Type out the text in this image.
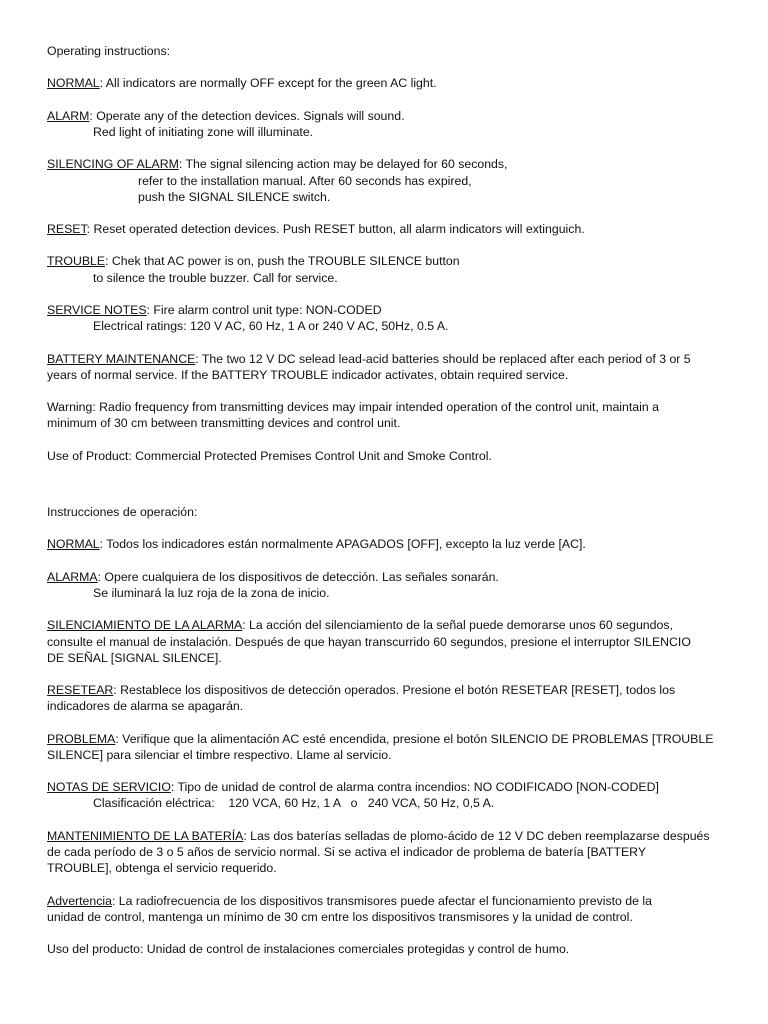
Operating instructions:
NORMAL: All indicators are normally OFF except for the green AC light.
ALARM: Operate any of the detection devices. Signals will sound.
Red light of initiating zone will illuminate.
SILENCING OF ALARM: The signal silencing action may be delayed for 60 seconds,
refer to the installation manual. After 60 seconds has expired,
push the SIGNAL SILENCE switch.
RESET: Reset operated detection devices. Push RESET button, all alarm indicators will extinguich.
TROUBLE: Chek that AC power is on, push the TROUBLE SILENCE button
to silence the trouble buzzer. Call for service.
SERVICE NOTES: Fire alarm control unit type: NON-CODED
Electrical ratings: 120 V AC, 60 Hz, 1 A or 240 V AC, 50Hz, 0.5 A.
BATTERY MAINTENANCE: The two 12 V DC selead lead-acid batteries should be replaced after each period of 3 or 5
years of normal service. If the BATTERY TROUBLE indicador activates, obtain required service.
Warning: Radio frequency from transmitting devices may impair intended operation of the control unit, maintain a
minimum of 30 cm between transmitting devices and control unit.
Use of Product: Commercial Protected Premises Control Unit and Smoke Control.
Instrucciones de operación:
NORMAL: Todos los indicadores están normalmente APAGADOS [OFF], excepto la luz verde [AC].
ALARMA: Opere cualquiera de los dispositivos de detección. Las señales sonarán.
Se iluminará la luz roja de la zona de inicio.
SILENCIAMIENTO DE LA ALARMA: La acción del silenciamiento de la señal puede demorarse unos 60 segundos,
consulte el manual de instalación. Después de que hayan transcurrido 60 segundos, presione el interruptor SILENCIO
DE SEÑAL [SIGNAL SILENCE].
RESETEAR: Restablece los dispositivos de detección operados. Presione el botón RESETEAR [RESET], todos los
indicadores de alarma se apagarán.
PROBLEMA: Verifique que la alimentación AC esté encendida, presione el botón SILENCIO DE PROBLEMAS [TROUBLE
SILENCE] para silenciar el timbre respectivo. Llame al servicio.
NOTAS DE SERVICIO: Tipo de unidad de control de alarma contra incendios: NO CODIFICADO [NON-CODED]
Clasificación eléctrica:    120 VCA, 60 Hz, 1 A   o   240 VCA, 50 Hz, 0,5 A.
MANTENIMIENTO DE LA BATERÍA: Las dos baterías selladas de plomo-ácido de 12 V DC deben reemplazarse después
de cada período de 3 o 5 años de servicio normal. Si se activa el indicador de problema de batería [BATTERY
TROUBLE], obtenga el servicio requerido.
Advertencia: La radiofrecuencia de los dispositivos transmisores puede afectar el funcionamiento previsto de la
unidad de control, mantenga un mínimo de 30 cm entre los dispositivos transmisores y la unidad de control.
Uso del producto: Unidad de control de instalaciones comerciales protegidas y control de humo.
